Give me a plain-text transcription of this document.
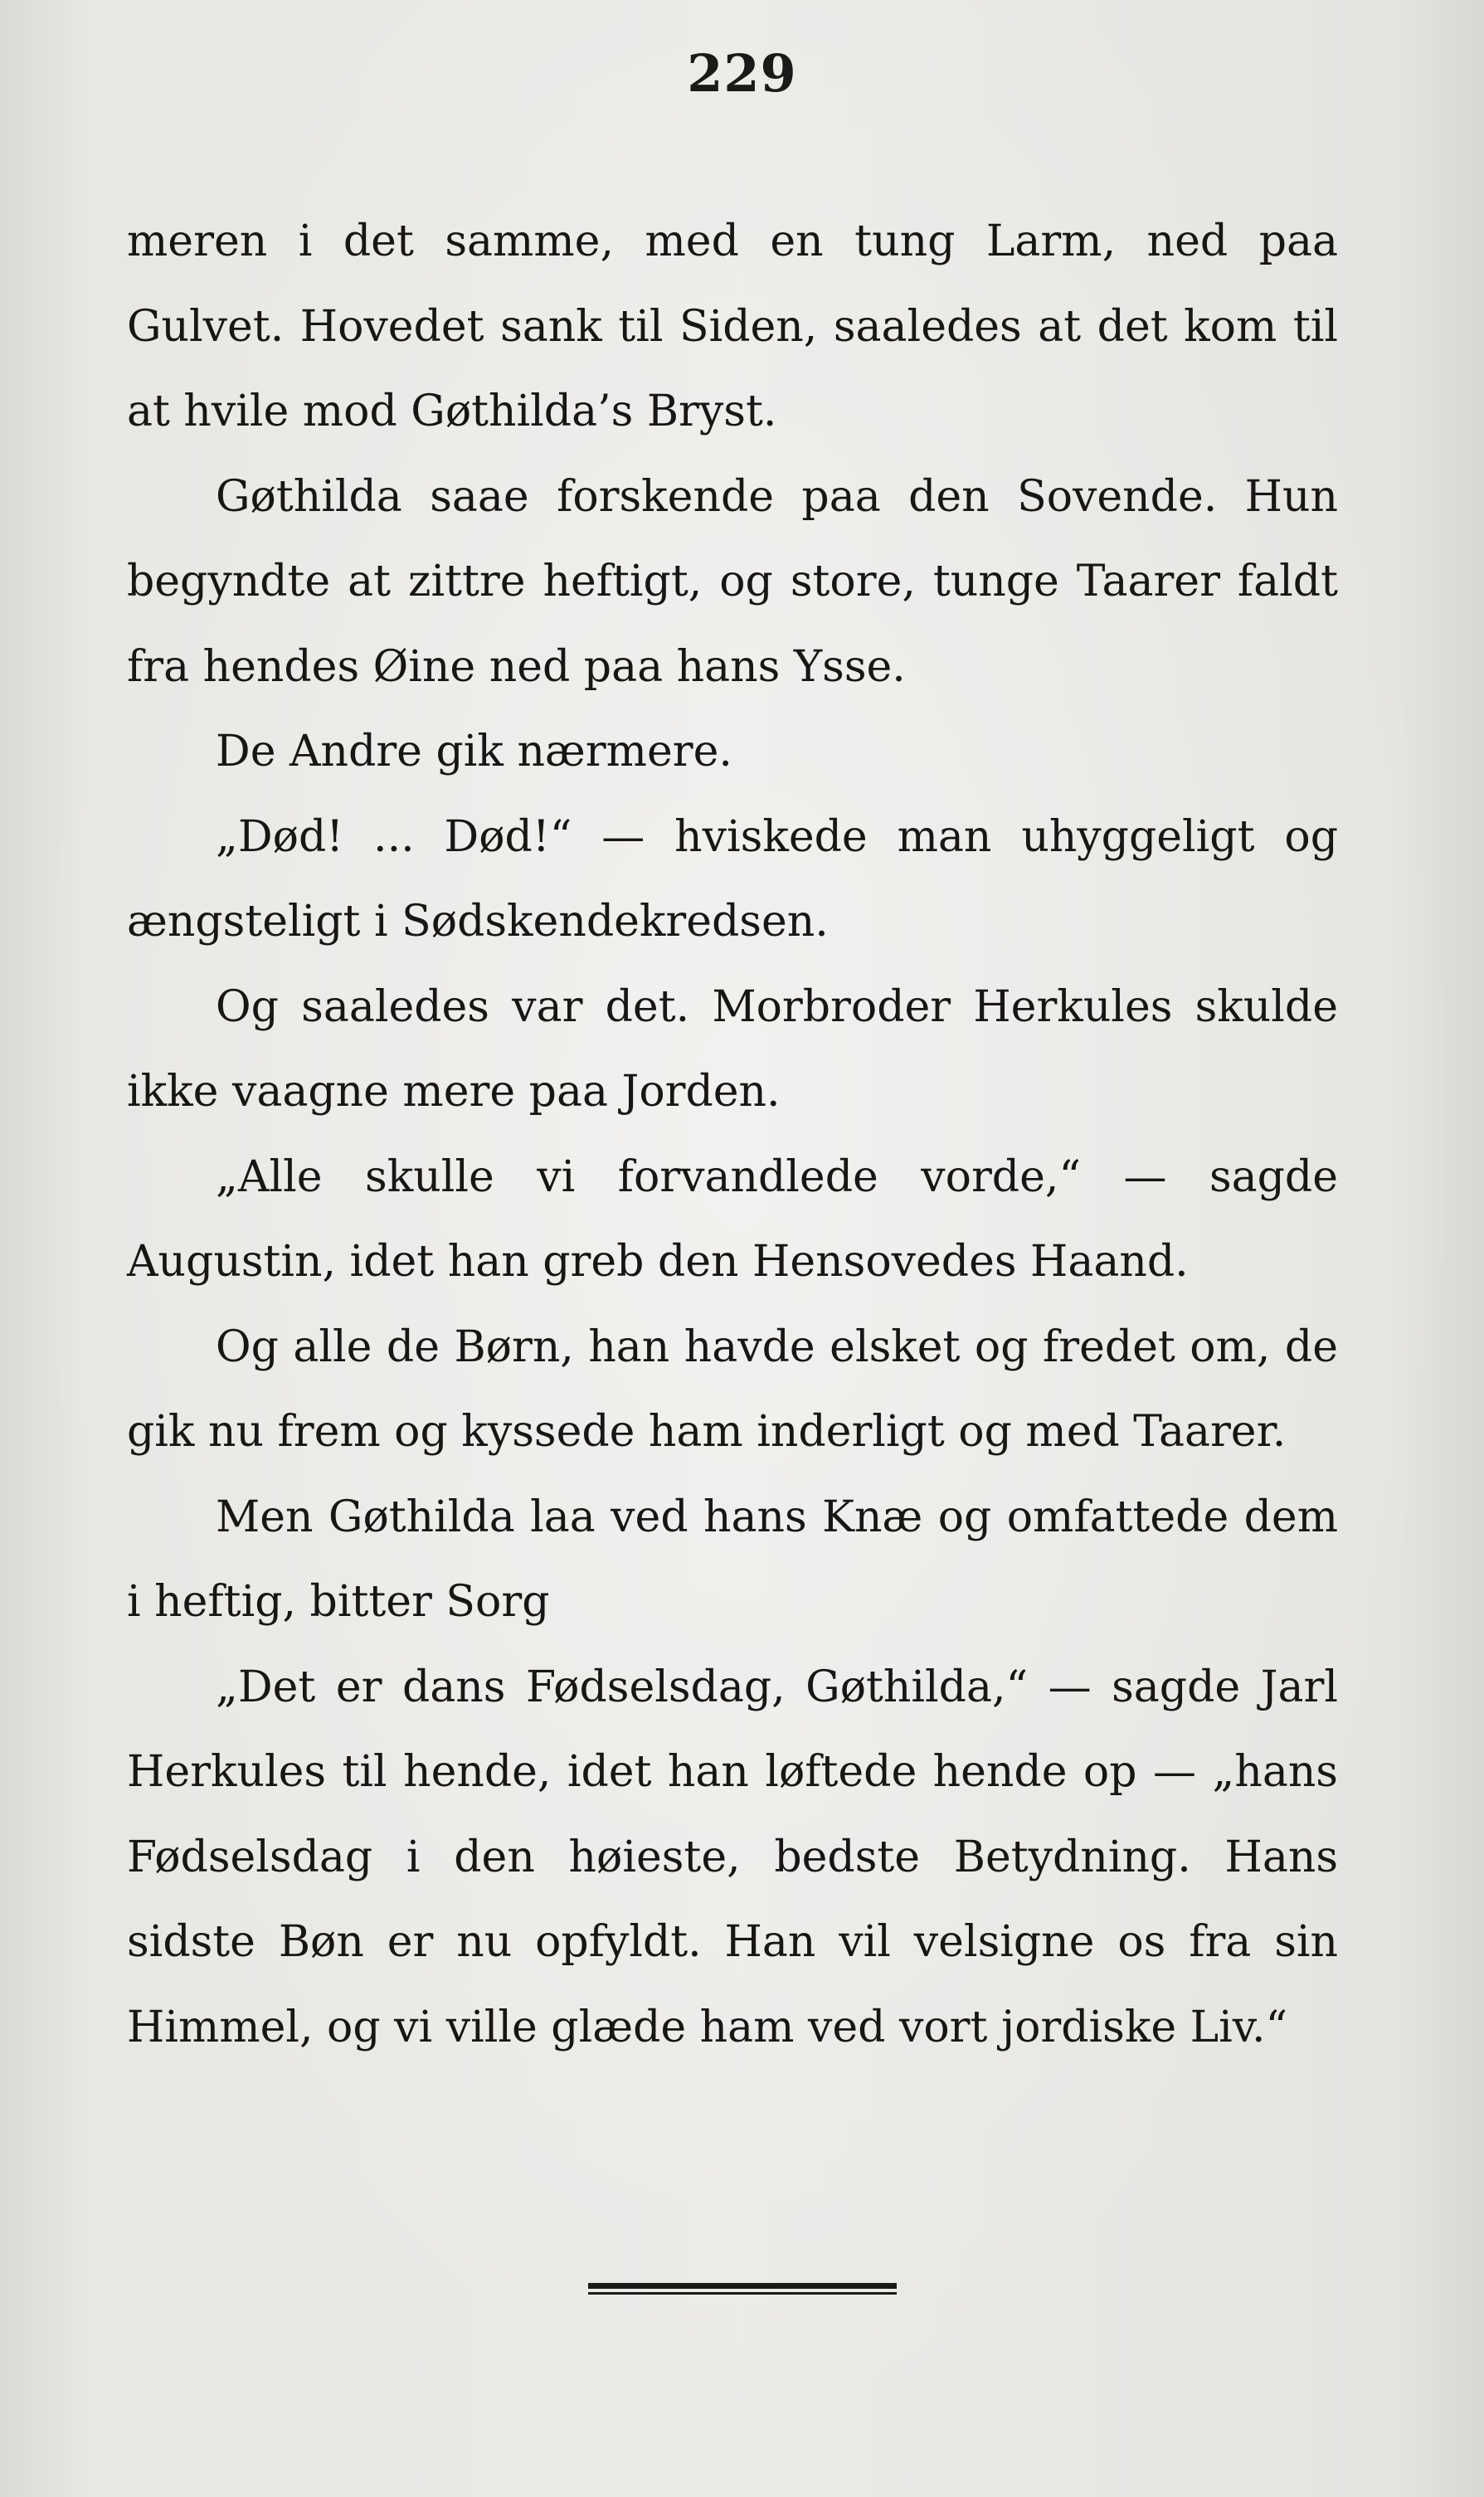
229

meren i det samme, med en tung Larm, ned paa Gulvet. Hovedet sank til Siden, saaledes at det kom til at hvile mod Gøthilda’s Bryst.

Gøthilda saae forskende paa den Sovende. Hun begyndte at zittre heftigt, og store, tunge Taarer faldt fra hendes Øine ned paa hans Ysse.

De Andre gik nærmere.

„Død! ... Død!“ — hviskede man uhyggeligt og ængsteligt i Sødskendekredsen.

Og saaledes var det. Morbroder Herkules skulde ikke vaagne mere paa Jorden.

„Alle skulle vi forvandlede vorde,“ — sagde Augustin, idet han greb den Hensovedes Haand.

Og alle de Børn, han havde elsket og fredet om, de gik nu frem og kyssede ham inderligt og med Taarer.

Men Gøthilda laa ved hans Knæ og omfattede dem i heftig, bitter Sorg

„Det er dans Fødselsdag, Gøthilda,“ — sagde Jarl Herkules til hende, idet han løftede hende op — „hans Fødselsdag i den høieste, bedste Betydning. Hans sidste Bøn er nu opfyldt. Han vil velsigne os fra sin Himmel, og vi ville glæde ham ved vort jordiske Liv.“
